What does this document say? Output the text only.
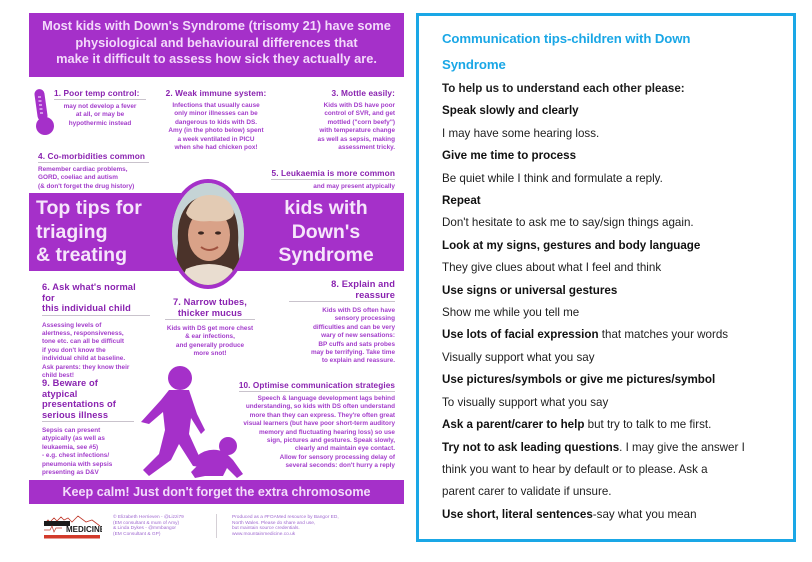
Most kids with Down's Syndrome (trisomy 21) have some
physiological and behavioural differences that
make it difficult to assess how sick they actually are.
1. Poor temp control:
may not develop a fever
at all, or may be
hypothermic instead
2. Weak immune system:
Infections that usually cause
only minor illnesses can be
dangerous to kids with DS.
Amy (in the photo below) spent
a week ventilated in PICU
when she had chicken pox!
3. Mottle easily:
Kids with DS have poor
control of SVR, and get
mottled ("corn beefy")
with temperature change
as well as sepsis, making
assessment tricky.
4. Co-morbidities common
Remember cardiac problems,
GORD, coeliac and autism
(& don't forget the drug history)
5. Leukaemia is more common
and may present atypically
Top tips for
triaging
& treating
kids with
Down's
Syndrome
6. Ask what's normal for
this individual child
Assessing levels of
alertness, responsiveness,
tone etc. can all be difficult
if you don't know the
individual child at baseline.
Ask parents: they know their
child best!
7. Narrow tubes,
thicker mucus
Kids with DS get more chest
& ear infections,
and generally produce
more snot!
8. Explain and reassure
Kids with DS often have
sensory processing
difficulties and can be very
wary of new sensations:
BP cuffs and sats probes
may be terrifying. Take time
to explain and reassure.
9. Beware of atypical
presentations of
serious illness
Sepsis can present
atypically (as well as
leukaemia, see #5)
- e.g. chest infections/
pneumonia with sepsis
presenting as D&V
10. Optimise communication strategies
Speech & language development lags behind
understanding, so kids with DS often understand
more than they can express. They're often great
visual learners (but have poor short-term auditory
memory and fluctuating hearing loss) so use
sign, pictures and gestures. Speak slowly,
clearly and maintain eye contact.
Allow for sensory processing delay of
several seconds: don't hurry a reply
Keep calm! Just don't forget the extra chromosome
MEDICINE
© Elizabeth Herrieven - @Lizzi79
(EM consultant & mum of Amy)
& Linda Dykes - @mmbangor
(EM Consultant & GP)
Produced as a #FOAMed resource by Bangor ED,
North Wales. Please do share and use,
but maintain source credentials.
www.mountainmedicine.co.uk
Communication tips-children with Down
Syndrome
To help us to understand each other please:
Speak slowly and clearly
I may have some hearing loss.
Give me time to process
Be quiet while I think and formulate a reply.
Repeat
Don't hesitate to ask me to say/sign things again.
Look at my signs, gestures and body language
They give clues about what I feel and think
Use signs or universal gestures
Show me while you tell me
Use lots of facial expression that matches your words
Visually support what you say
Use pictures/symbols or give me pictures/symbol
To visually support what you say
Ask a parent/carer to help but try to talk to me first.
Try not to ask leading questions. I may give the answer I
think you want to hear by default or to please. Ask a
parent carer to validate if unsure.
Use short, literal sentences-say what you mean
